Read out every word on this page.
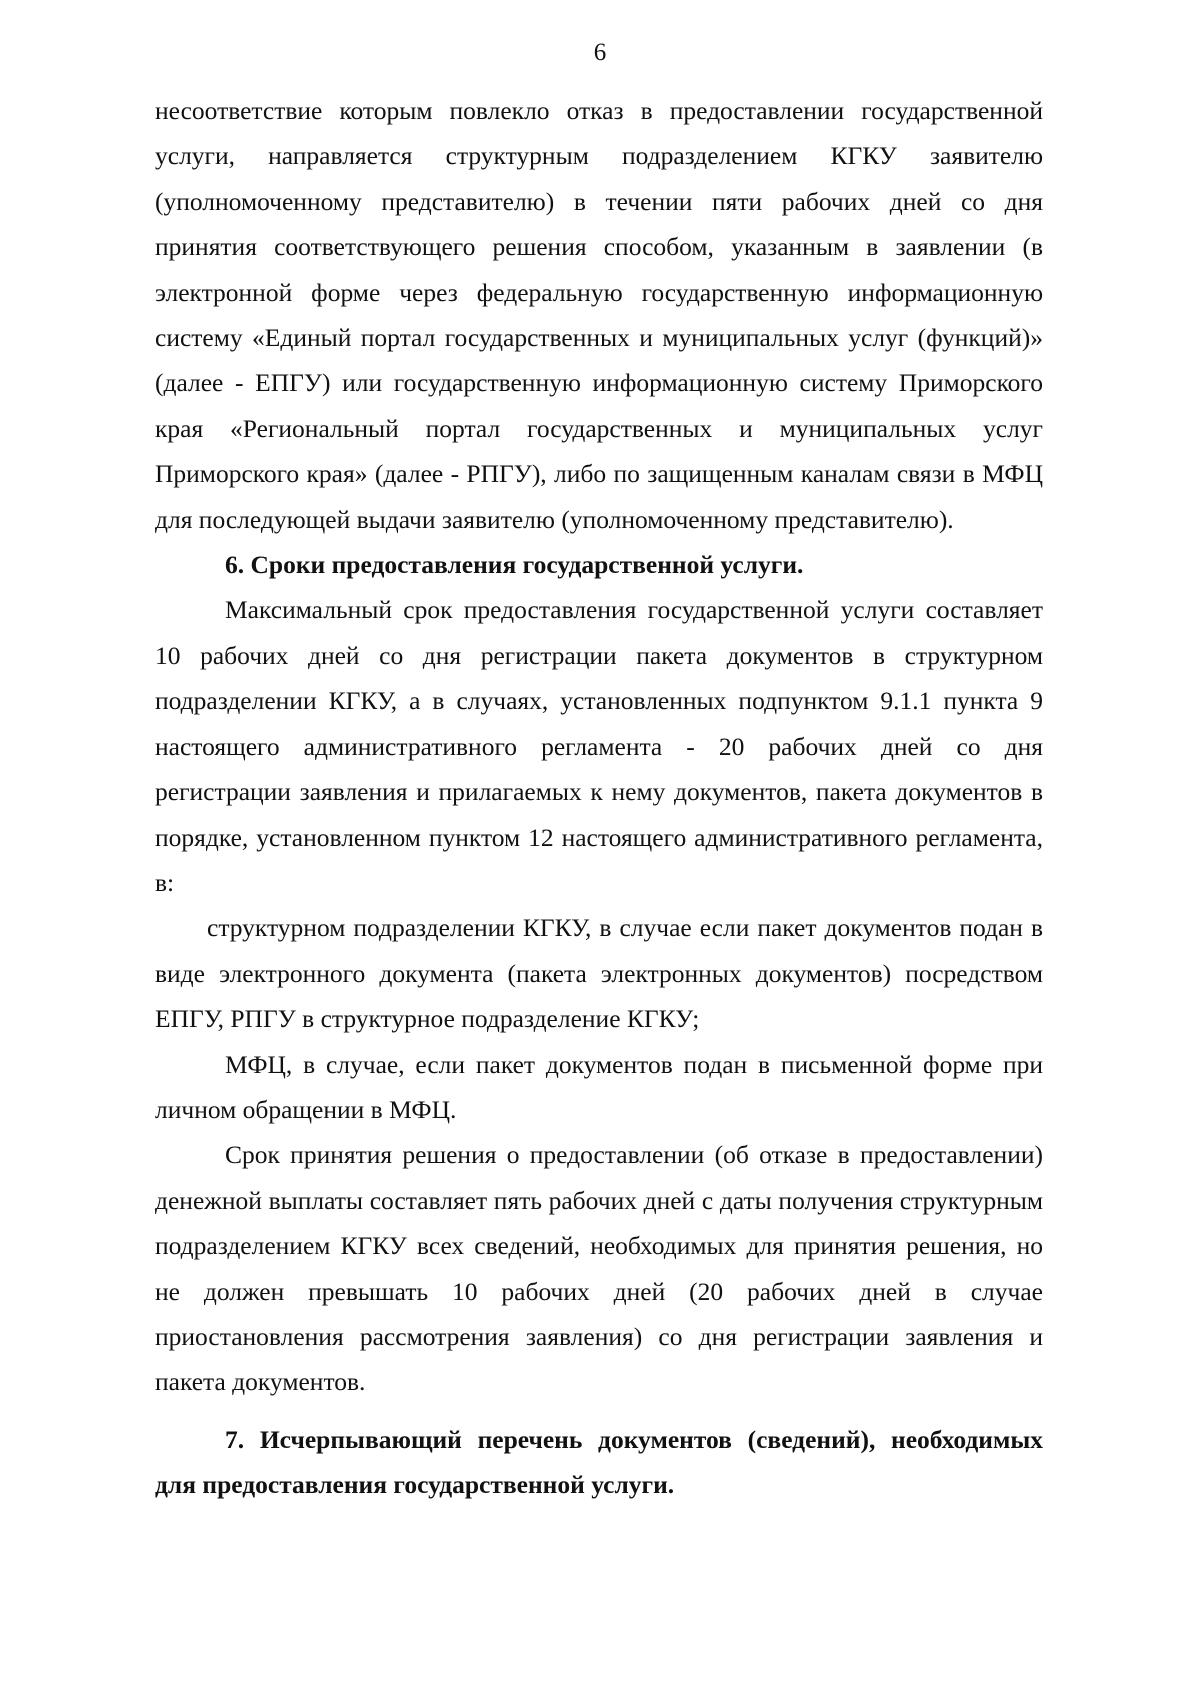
6

несоответствие которым повлекло отказ в предоставлении государственной услуги, направляется структурным подразделением КГКУ заявителю (уполномоченному представителю) в течении пяти рабочих дней со дня принятия соответствующего решения способом, указанным в заявлении (в электронной форме через федеральную государственную информационную систему «Единый портал государственных и муниципальных услуг (функций)» (далее - ЕПГУ) или государственную информационную систему Приморского края «Региональный портал государственных и муниципальных услуг Приморского края» (далее - РПГУ), либо по защищенным каналам связи в МФЦ для последующей выдачи заявителю (уполномоченному представителю).

6. Сроки предоставления государственной услуги.

Максимальный срок предоставления государственной услуги составляет 10 рабочих дней со дня регистрации пакета документов в структурном подразделении КГКУ, а в случаях, установленных подпунктом 9.1.1 пункта 9 настоящего административного регламента - 20 рабочих дней со дня регистрации заявления и прилагаемых к нему документов, пакета документов в порядке, установленном пунктом 12 настоящего административного регламента, в:

структурном подразделении КГКУ, в случае если пакет документов подан в виде электронного документа (пакета электронных документов) посредством ЕПГУ, РПГУ в структурное подразделение КГКУ;

МФЦ, в случае, если пакет документов подан в письменной форме при личном обращении в МФЦ.

Срок принятия решения о предоставлении (об отказе в предоставлении) денежной выплаты составляет пять рабочих дней с даты получения структурным подразделением КГКУ всех сведений, необходимых для принятия решения, но не должен превышать 10 рабочих дней (20 рабочих дней в случае приостановления рассмотрения заявления) со дня регистрации заявления и пакета документов.

7. Исчерпывающий перечень документов (сведений), необходимых для предоставления государственной услуги.
